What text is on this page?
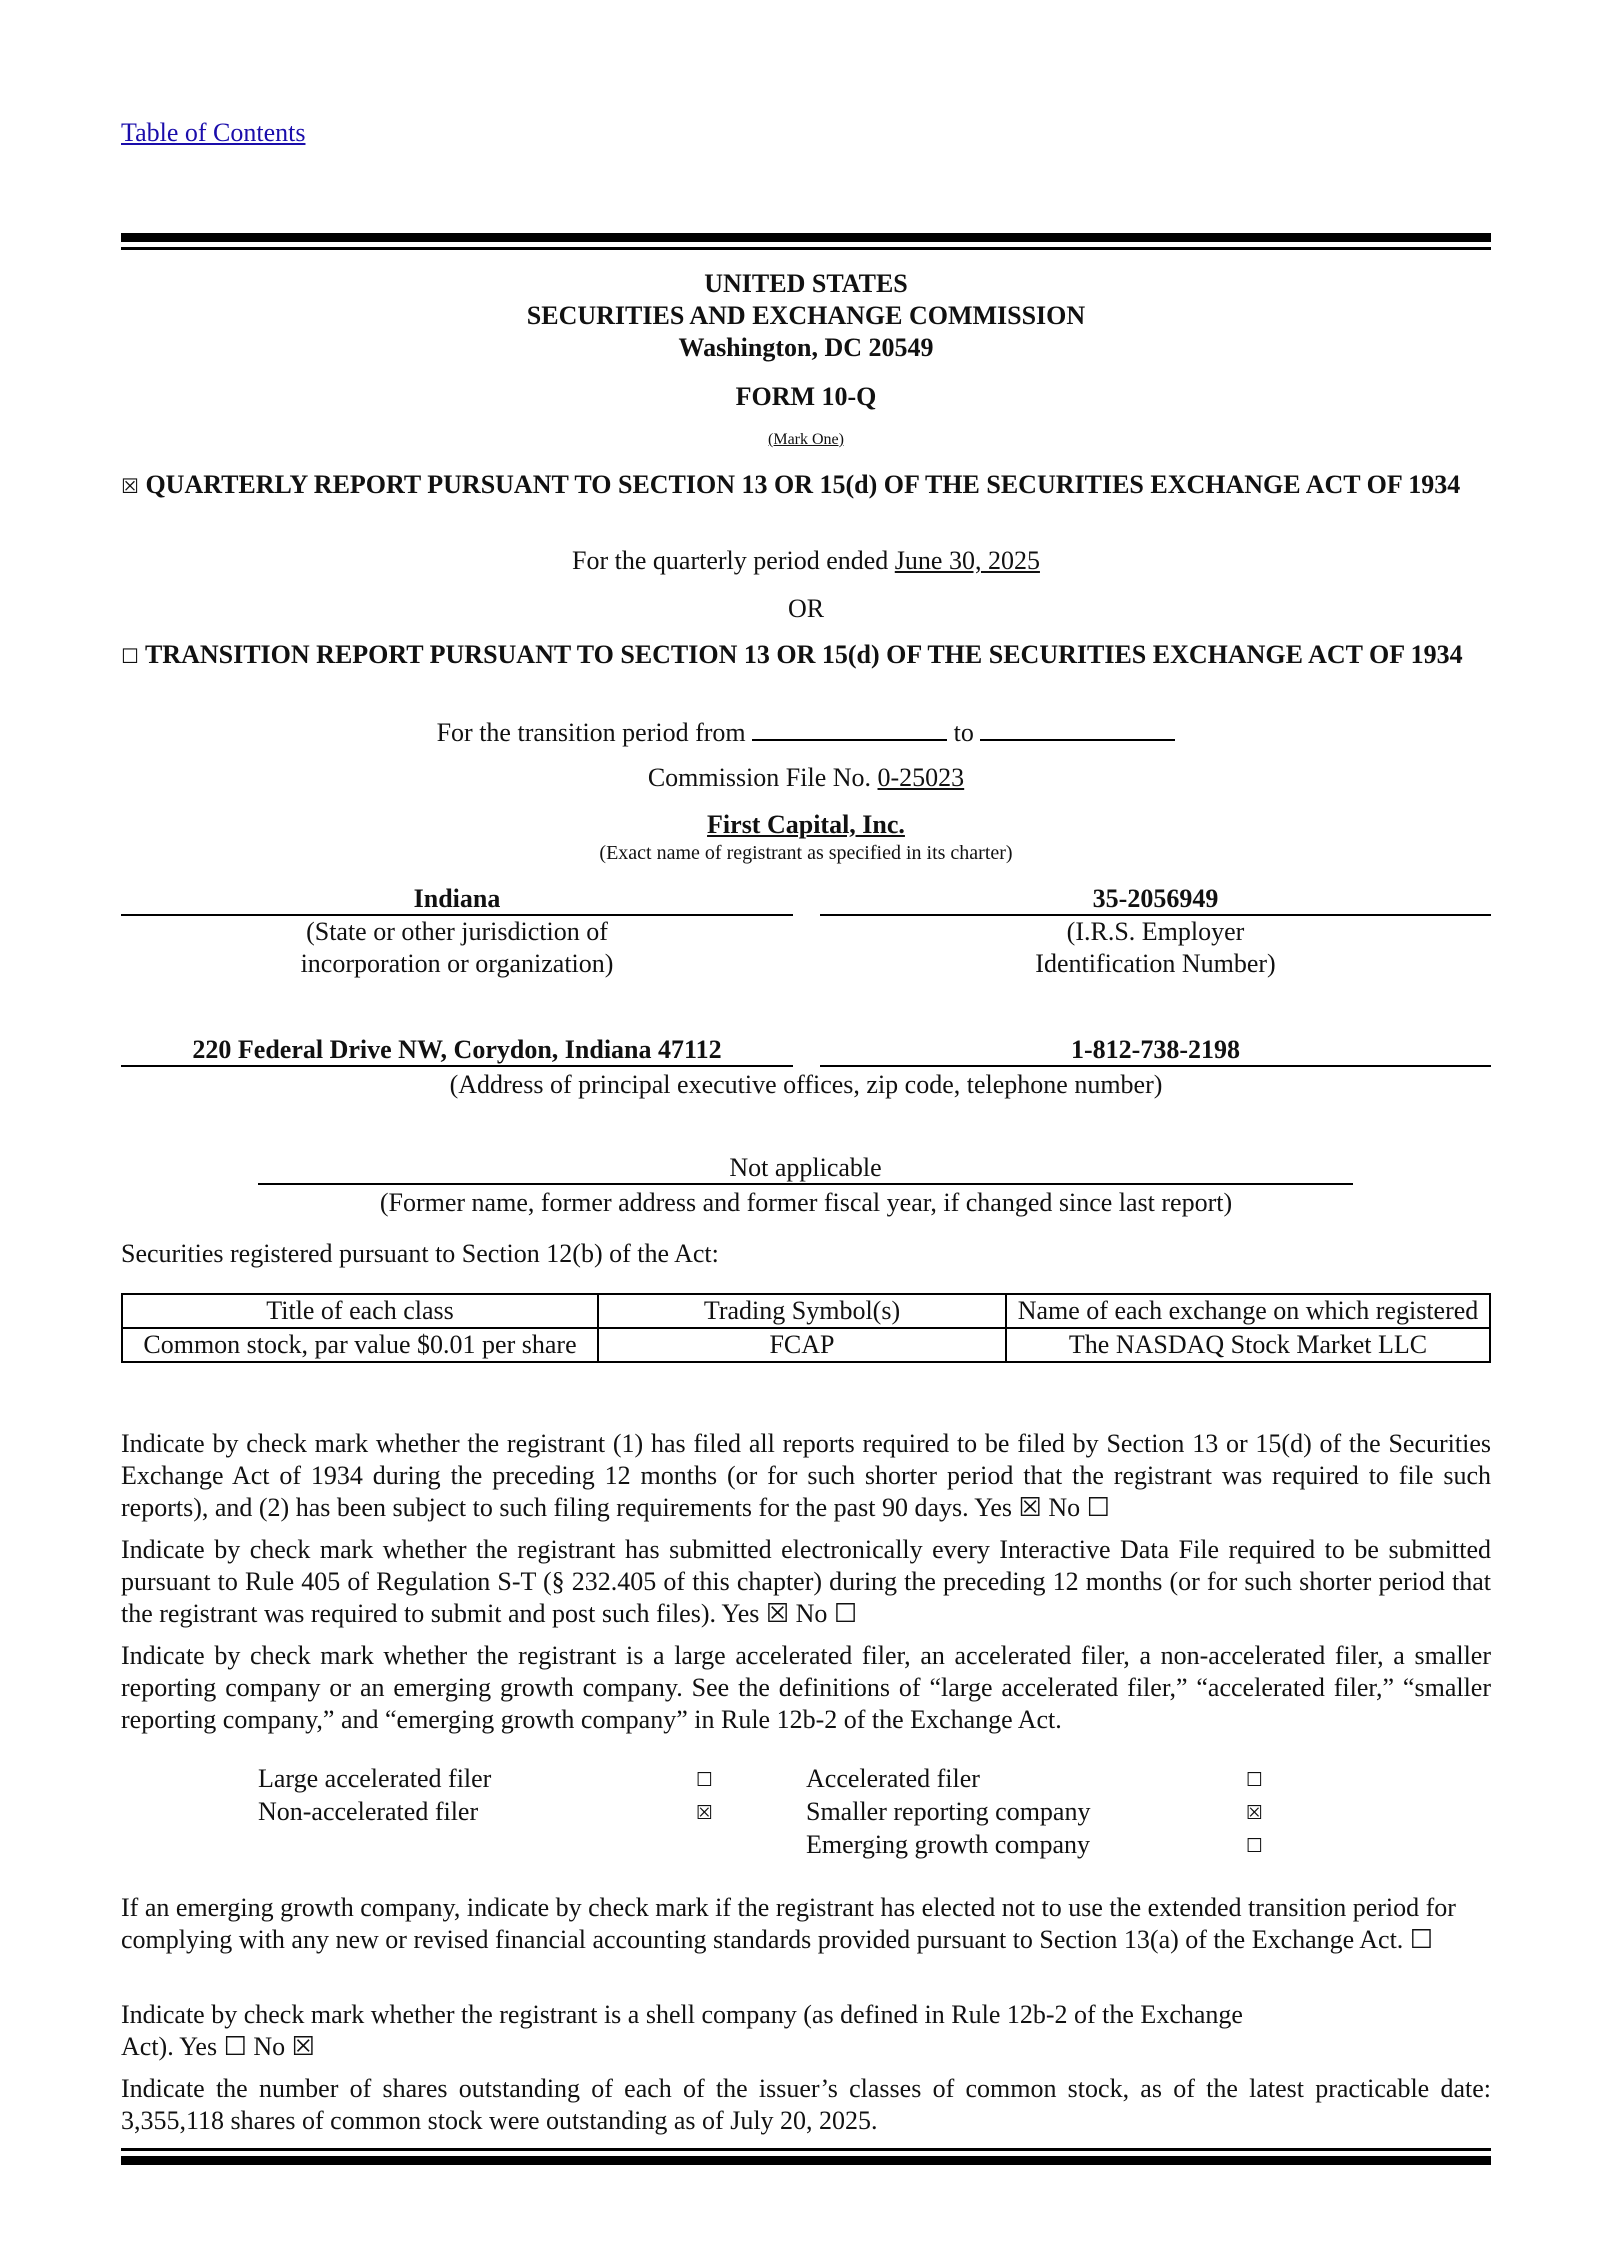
Table of Contents
UNITED STATES
SECURITIES AND EXCHANGE COMMISSION
Washington, DC 20549
FORM 10-Q
(Mark One)
☒ QUARTERLY REPORT PURSUANT TO SECTION 13 OR 15(d) OF THE SECURITIES EXCHANGE ACT OF 1934
For the quarterly period ended June 30, 2025
OR
☐ TRANSITION REPORT PURSUANT TO SECTION 13 OR 15(d) OF THE SECURITIES EXCHANGE ACT OF 1934
For the transition period from	to
Commission File No. 0-25023
First Capital, Inc.
(Exact name of registrant as specified in its charter)
Indiana
(State or other jurisdiction of
incorporation or organization)
35-2056949
(I.R.S. Employer
Identification Number)
220 Federal Drive NW, Corydon, Indiana 47112	1-812-738-2198
(Address of principal executive offices, zip code, telephone number)
Not applicable
(Former name, former address and former fiscal year, if changed since last report)
Securities registered pursuant to Section 12(b) of the Act:
Title of each class	Trading Symbol(s)	Name of each exchange on which registered
Common stock, par value $0.01 per share	FCAP	The NASDAQ Stock Market LLC
Indicate by check mark whether the registrant (1) has filed all reports required to be filed by Section 13 or 15(d) of the Securities Exchange Act of 1934 during the preceding 12 months (or for such shorter period that the registrant was required to file such reports), and (2) has been subject to such filing requirements for the past 90 days. Yes ☒ No ☐
Indicate by check mark whether the registrant has submitted electronically every Interactive Data File required to be submitted pursuant to Rule 405 of Regulation S-T (§ 232.405 of this chapter) during the preceding 12 months (or for such shorter period that the registrant was required to submit and post such files). Yes ☒ No ☐
Indicate by check mark whether the registrant is a large accelerated filer, an accelerated filer, a non-accelerated filer, a smaller reporting company or an emerging growth company. See the definitions of “large accelerated filer,” “accelerated filer,” “smaller reporting company,” and “emerging growth company” in Rule 12b-2 of the Exchange Act.
Large accelerated filer	☐
Non-accelerated filer	☒
Accelerated filer	☐
Smaller reporting company	☒
Emerging growth company	☐
If an emerging growth company, indicate by check mark if the registrant has elected not to use the extended transition period for complying with any new or revised financial accounting standards provided pursuant to Section 13(a) of the Exchange Act. ☐
Indicate by check mark whether the registrant is a shell company (as defined in Rule 12b-2 of the Exchange
Act). Yes ☐ No ☒
Indicate the number of shares outstanding of each of the issuer’s classes of common stock, as of the latest practicable date: 3,355,118 shares of common stock were outstanding as of July 20, 2025.
